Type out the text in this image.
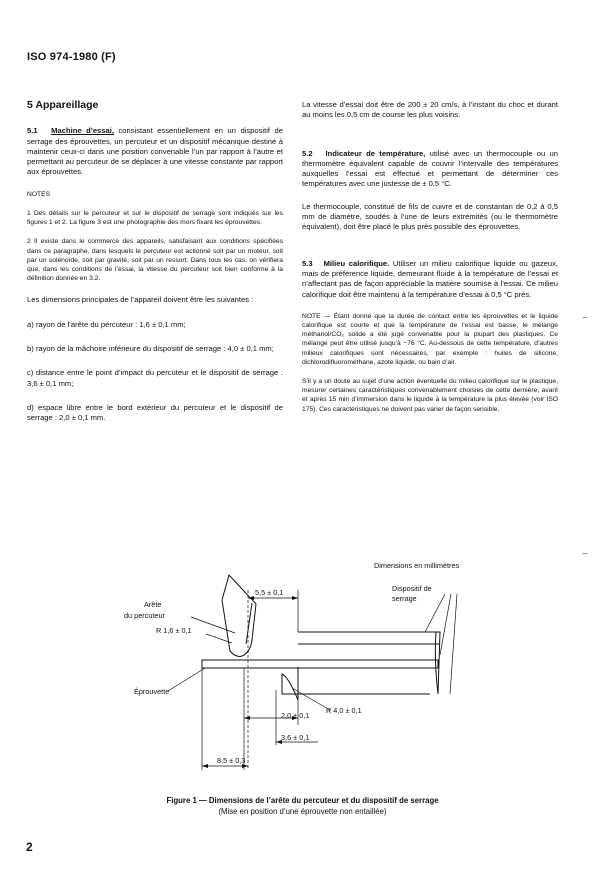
ISO 974-1980 (F)

5 Appareillage

5.1 Machine d’essai, consistant essentiellement en un dispositif de serrage des éprouvettes, un percuteur et un dispositif mécanique destiné à maintenir ceux-ci dans une position convenable l’un par rapport à l’autre et permettant au percuteur de se déplacer à une vitesse constante par rapport aux éprouvettes.

NOTES

1 Des détails sur le percuteur et sur le dispositif de serrage sont indiqués sur les figures 1 et 2. La figure 3 est une photographie des mors fixant les éprouvettes.

2 Il existe dans le commerce des appareils, satisfaisant aux conditions spécifiées dans ce paragraphe, dans lesquels le percuteur est actionné soit par un moteur, soit par un solénoïde, soit par gravité, soit par un ressort. Dans tous les cas, on vérifiera que, dans les conditions de l’essai, la vitesse du percuteur soit bien conforme à la définition donnée en 3.2.

Les dimensions principales de l’appareil doivent être les suivantes :

a) rayon de l’arête du percuteur : 1,6 ± 0,1 mm;

b) rayon de la mâchoire inférieure du dispositif de serrage : 4,0 ± 0,1 mm;

c) distance entre le point d’impact du percuteur et le dispositif de serrage : 3,6 ± 0,1 mm;

d) espace libre entre le bord extérieur du percuteur et le dispositif de serrage : 2,0 ± 0,1 mm.

La vitesse d’essai doit être de 200 ± 20 cm/s, à l’instant du choc et durant au moins les 0,5 cm de course les plus voisins.

5.2 Indicateur de température, utilisé avec un thermocouple ou un thermomètre équivalent capable de couvrir l’intervalle des températures auxquelles l’essai est effectué et permettant de déterminer ces températures avec une justesse de ± 0,5 °C.

Le thermocouple, constitué de fils de cuivre et de constantan de 0,2 à 0,5 mm de diamètre, soudés à l’une de leurs extrémités (ou le thermomètre équivalent), doit être placé le plus près possible des éprouvettes.

5.3 Milieu calorifique. Utiliser un milieu calorifique liquide ou gazeux, mais de préférence liquide, demeurant fluide à la température de l’essai et n’affectant pas de façon appréciable la matière soumise à l’essai. Ce milieu calorifique doit être maintenu à la température d’essai à 0,5 °C près.

NOTE — Étant donné que la durée de contact entre les éprouvettes et le liquide calorifique est courte et que la température de l’essai est basse, le mélange méthanol/CO₂ solide a été jugé convenable pour la plupart des plastiques. Ce mélange peut être utilisé jusqu’à −76 °C. Au-dessous de cette température, d’autres milieux calorifiques sont nécessaires, par exemple : huiles de silicone, dichlorodifluorométhane, azote liquide, ou bain d’air.

S’il y a un doute au sujet d’une action éventuelle du milieu calorifique sur le plastique, mesurer certaines caractéristiques convenablement choisies de cette dernière, avant et après 15 min d’immersion dans le liquide à la température la plus élevée (voir ISO 175). Ces caractéristiques ne doivent pas varier de façon sensible.

⌣
⌣
Dimensions en millimètres
Arête
du percuteur
Dispositif de
serrage
Éprouvette
5,5 ± 0,1
R 1,6 ± 0,1
R 4,0 ± 0,1
2,0 ± 0,1
3,6 ± 0,1
8,5 ± 0,3
Figure 1 — Dimensions de l’arête du percuteur et du dispositif de serrage
(Mise en position d’une éprouvette non entaillée)
2
